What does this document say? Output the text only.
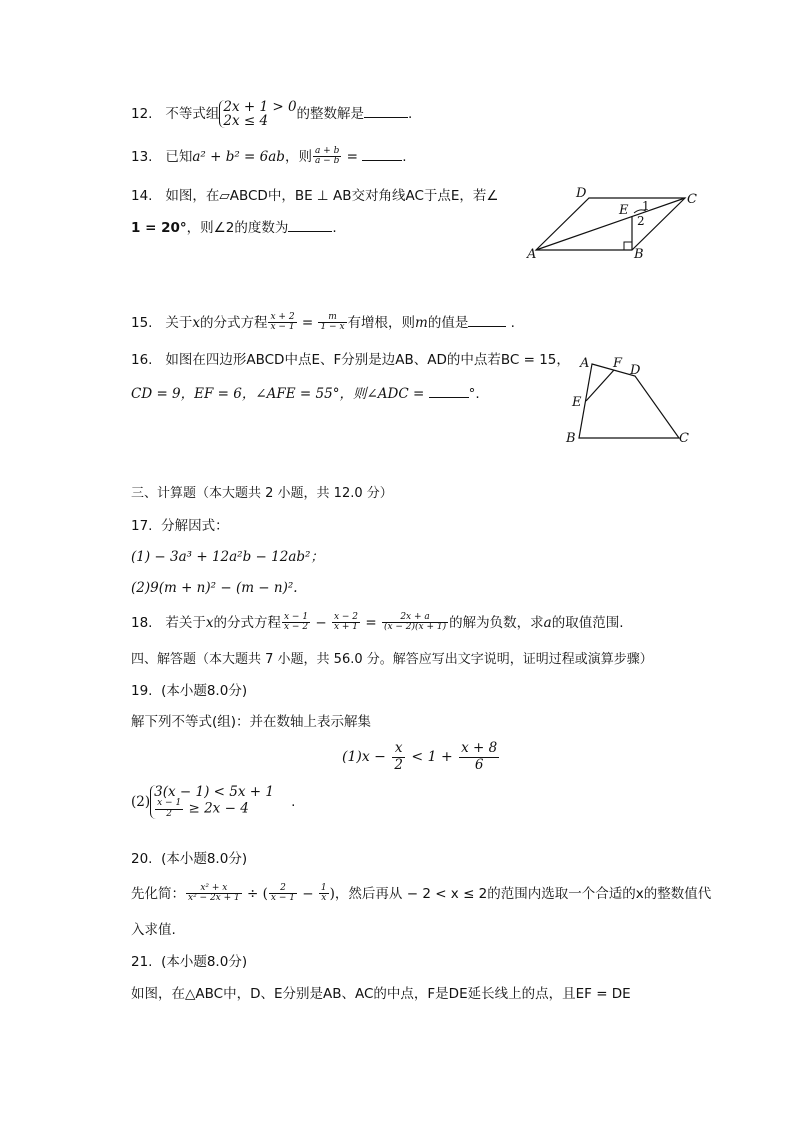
12. 不等式组 2x + 1 > 0
2x ≤ 4	的整数解是	.
13. 已知a² + b² = 6ab，则 $\frac{a + b}{a - b}$ =	.
14. 如图，在▱ABCD中，BE ⊥ AB交对角线AC于点E，若∠
1 = 20°，则∠2的度数为	.
D	C
E
A	B
1
2
15. 关于x的分式方程 $\frac{x + 2}{x - 1} = \frac{m}{1 - x}$ 有增根，则m的值是	.
16. 如图在四边形ABCD中点E、F分别是边AB、AD的中点若BC = 15，
CD = 9，EF = 6，∠AFE = 55°，则∠ADC =	°.
A F D
E
B	C
三、计算题（本大题共 2 小题，共 12.0 分）
17. 分解因式：
(1) − 3a³ + 12a²b − 12ab²；
(2)9(m + n)² − (m − n)².
18. 若关于x的分式方程 $\frac{x - 1}{x - 2} - \frac{x - 2}{x + 1} = \frac{2x + a}{(x - 2)(x + 1)}$ 的解为负数，求a的取值范围.
四、解答题（本大题共 7 小题，共 56.0 分。解答应写出文字说明，证明过程或演算步骤）
19. (本小题8.0分)
解下列不等式(组)：并在数轴上表示解集
$(1)x - \frac{x}{2} < 1 + \frac{x + 8}{6}$
(2)
3(x − 1) < 5x + 1
$\frac{x - 1}{2} \ge 2x - 4$	.
20. (本小题8.0分)
先化简： $\frac{\text{x² + x}}{\text{x² − 2x + 1}}$ ÷ ( $\frac{2}{x - 1} - \frac{1}{x}$ )，然后再从 − 2 < x ≤ 2的范围内选取一个合适的x的整数值代
入求值.
21. (本小题8.0分)
如图，在△ABC中，D、E分别是AB、AC的中点，F是DE延长线上的点，且EF = DE
